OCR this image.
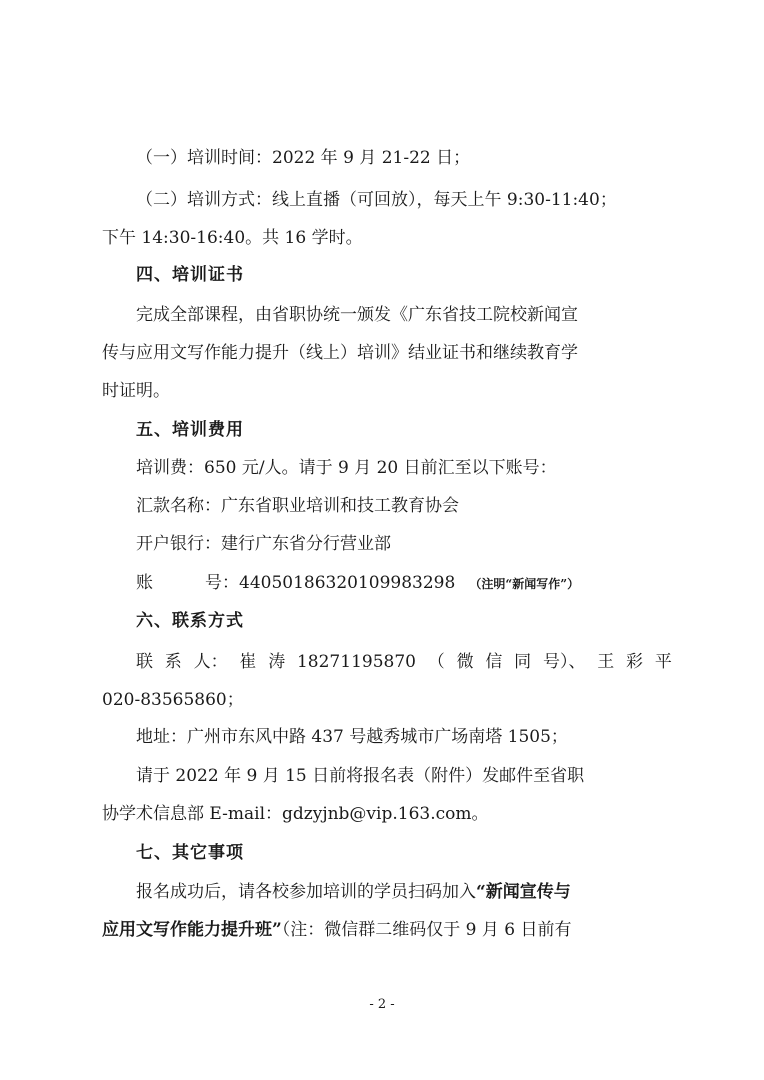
（一）培训时间：2022 年 9 月 21-22 日；
（二）培训方式：线上直播（可回放），每天上午 9:30-11:40；
下午 14:30-16:40。共 16 学时。
四、培训证书
完成全部课程，由省职协统一颁发《广东省技工院校新闻宣
传与应用文写作能力提升（线上）培训》结业证书和继续教育学
时证明。
五、培训费用
培训费：650 元/人。请于 9 月 20 日前汇至以下账号：
汇款名称：广东省职业培训和技工教育协会
开户银行：建行广东省分行营业部
账	号：44050186320109983298 （注明“新闻写作”）
六、联系方式
联 系 人： 崔 涛 18271195870 （ 微 信 同 号）、 王 彩 平
020-83565860；
地址：广州市东风中路 437 号越秀城市广场南塔 1505；
请于 2022 年 9 月 15 日前将报名表（附件）发邮件至省职
协学术信息部 E-mail：gdzyjnb@vip.163.com。
七、其它事项
报名成功后，请各校参加培训的学员扫码加入“新闻宣传与
应用文写作能力提升班”（注：微信群二维码仅于 9 月 6 日前有
- 2 -
